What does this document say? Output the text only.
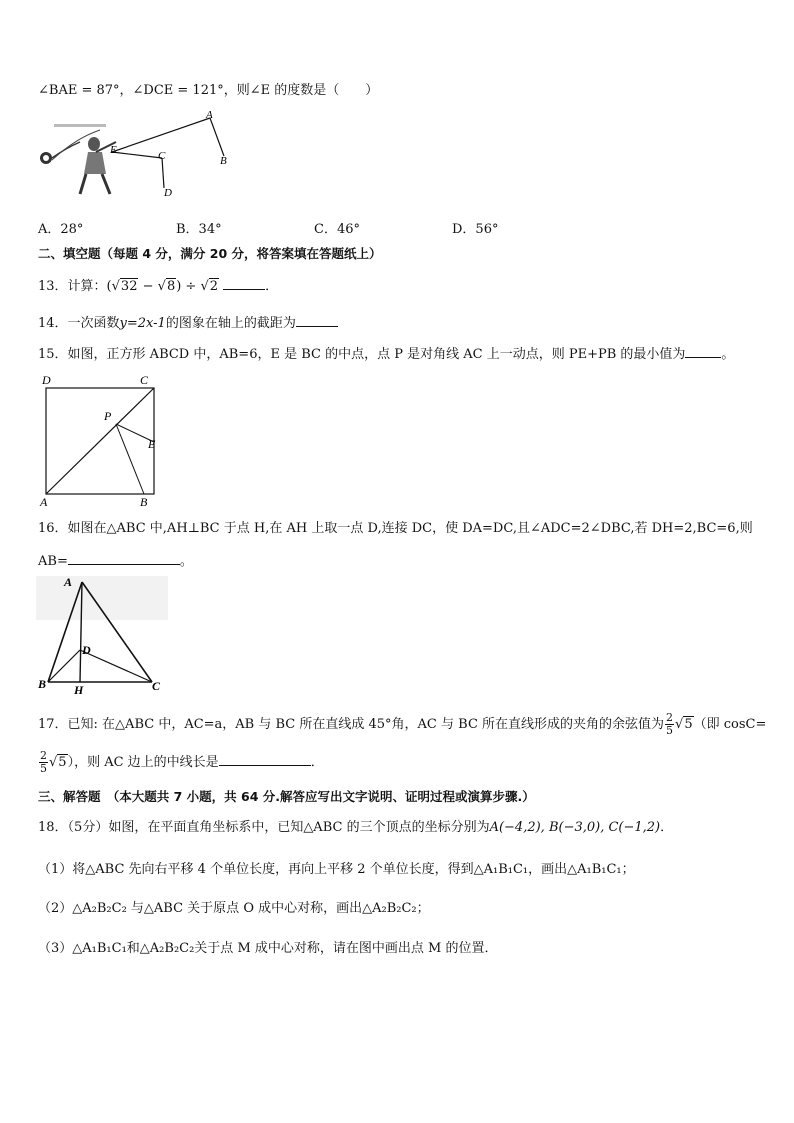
∠BAE = 87°，∠DCE = 121°，则∠E 的度数是（　　）
A
B
C
D
E
A．28°	B．34°	C．46°	D．56°
二、填空题（每题 4 分，满分 20 分，将答案填在答题纸上）
13．计算：(√32 − √8) ÷ √2	．
14．一次函数y=2x-1的图象在轴上的截距为
15．如图，正方形 ABCD 中，AB=6，E 是 BC 的中点，点 P 是对角线 AC 上一动点，则 PE+PB 的最小值为	。
D	C
P
E
A	B
16．如图在△ABC 中,AH⊥BC 于点 H,在 AH 上取一点 D,连接 DC，使 DA=DC,且∠ADC=2∠DBC,若 DH=2,BC=6,则
AB=	。
A
D
B H	C
17．已知: 在△ABC 中，AC=a，AB 与 BC 所在直线成 45°角，AC 与 BC 所在直线形成的夹角的余弦值为 $\frac{2}{5} √5$（即 cosC=
$\frac{2}{5} √5$），则 AC 边上的中线长是	．
三、解答题　（本大题共 7 小题，共 64 分.解答应写出文字说明、证明过程或演算步骤.）
18．（5分）如图，在平面直角坐标系中，已知△ABC 的三个顶点的坐标分别为A(−4,2), B(−3,0), C(−1,2)．
（1）将△ABC 先向右平移 4 个单位长度，再向上平移 2 个单位长度，得到△A₁B₁C₁，画出△A₁B₁C₁；
（2）△A₂B₂C₂ 与△ABC 关于原点 O 成中心对称，画出△A₂B₂C₂；
（3）△A₁B₁C₁和△A₂B₂C₂关于点 M 成中心对称，请在图中画出点 M 的位置．
